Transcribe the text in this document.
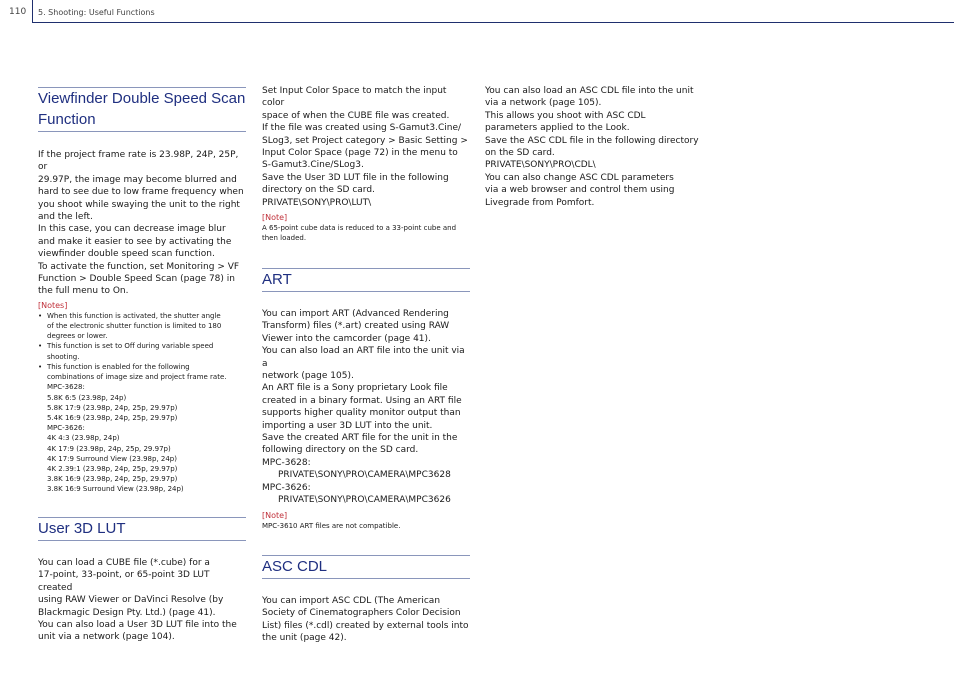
110 5. Shooting: Useful Functions
Viewfinder Double Speed Scan Function
If the project frame rate is 23.98P, 24P, 25P, or
29.97P, the image may become blurred and
hard to see due to low frame frequency when
you shoot while swaying the unit to the right
and the left.
In this case, you can decrease image blur
and make it easier to see by activating the
viewfinder double speed scan function.
To activate the function, set Monitoring > VF
Function > Double Speed Scan (page 78) in
the full menu to On.
[Notes]
• When this function is activated, the shutter angle
of the electronic shutter function is limited to 180
degrees or lower.
• This function is set to Off during variable speed
shooting.
• This function is enabled for the following
combinations of image size and project frame rate.
MPC-3628:
5.8K 6:5 (23.98p, 24p)
5.8K 17:9 (23.98p, 24p, 25p, 29.97p)
5.4K 16:9 (23.98p, 24p, 25p, 29.97p)
MPC-3626:
4K 4:3 (23.98p, 24p)
4K 17:9 (23.98p, 24p, 25p, 29.97p)
4K 17:9 Surround View (23.98p, 24p)
4K 2.39:1 (23.98p, 24p, 25p, 29.97p)
3.8K 16:9 (23.98p, 24p, 25p, 29.97p)
3.8K 16:9 Surround View (23.98p, 24p)
User 3D LUT
You can load a CUBE file (*.cube) for a
17-point, 33-point, or 65-point 3D LUT created
using RAW Viewer or DaVinci Resolve (by
Blackmagic Design Pty. Ltd.) (page 41).
You can also load a User 3D LUT file into the
unit via a network (page 104).
Set Input Color Space to match the input color
space of when the CUBE file was created.
If the file was created using S-Gamut3.Cine/
SLog3, set Project category > Basic Setting >
Input Color Space (page 72) in the menu to
S-Gamut3.Cine/SLog3.
Save the User 3D LUT file in the following
directory on the SD card.
PRIVATE\SONY\PRO\LUT\
[Note]
A 65-point cube data is reduced to a 33-point cube and
then loaded.
ART
You can import ART (Advanced Rendering
Transform) files (*.art) created using RAW
Viewer into the camcorder (page 41).
You can also load an ART file into the unit via a
network (page 105).
An ART file is a Sony proprietary Look file
created in a binary format. Using an ART file
supports higher quality monitor output than
importing a user 3D LUT into the unit.
Save the created ART file for the unit in the
following directory on the SD card.
MPC-3628:
PRIVATE\SONY\PRO\CAMERA\MPC3628
MPC-3626:
PRIVATE\SONY\PRO\CAMERA\MPC3626
[Note]
MPC-3610 ART files are not compatible.
ASC CDL
You can import ASC CDL (The American
Society of Cinematographers Color Decision
List) files (*.cdl) created by external tools into
the unit (page 42).
You can also load an ASC CDL file into the unit
via a network (page 105).
This allows you shoot with ASC CDL
parameters applied to the Look.
Save the ASC CDL file in the following directory
on the SD card.
PRIVATE\SONY\PRO\CDL\
You can also change ASC CDL parameters
via a web browser and control them using
Livegrade from Pomfort.
